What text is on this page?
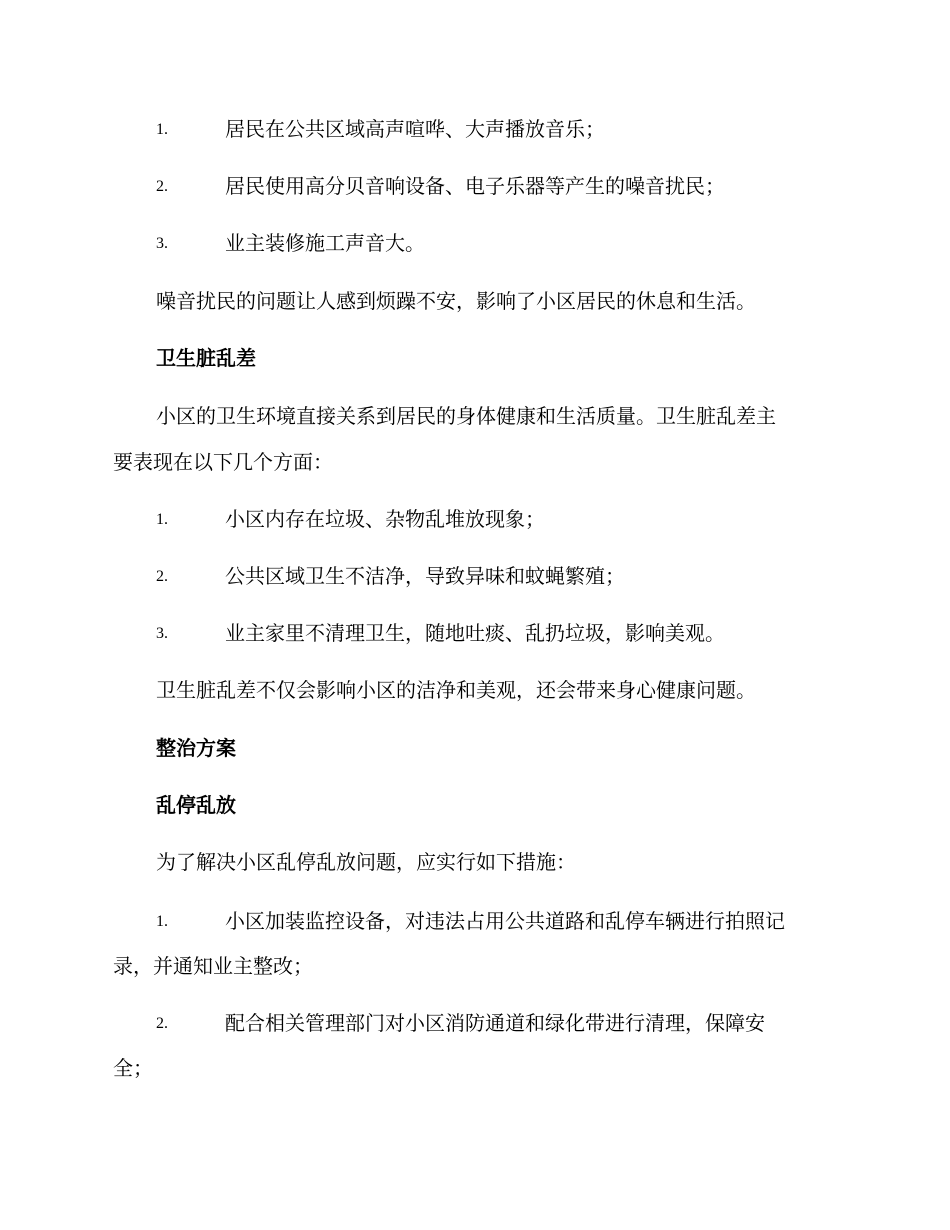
1.	居民在公共区域高声喧哗、大声播放音乐；
2.	居民使用高分贝音响设备、电子乐器等产生的噪音扰民；
3.	业主装修施工声音大。
噪音扰民的问题让人感到烦躁不安，影响了小区居民的休息和生活。
卫生脏乱差
小区的卫生环境直接关系到居民的身体健康和生活质量。卫生脏乱差主
要表现在以下几个方面：
1.	小区内存在垃圾、杂物乱堆放现象；
2.	公共区域卫生不洁净，导致异味和蚊蝇繁殖；
3.	业主家里不清理卫生，随地吐痰、乱扔垃圾，影响美观。
卫生脏乱差不仅会影响小区的洁净和美观，还会带来身心健康问题。
整治方案
乱停乱放
为了解决小区乱停乱放问题，应实行如下措施：
1.	小区加装监控设备，对违法占用公共道路和乱停车辆进行拍照记
录，并通知业主整改；
2.	配合相关管理部门对小区消防通道和绿化带进行清理，保障安
全；
